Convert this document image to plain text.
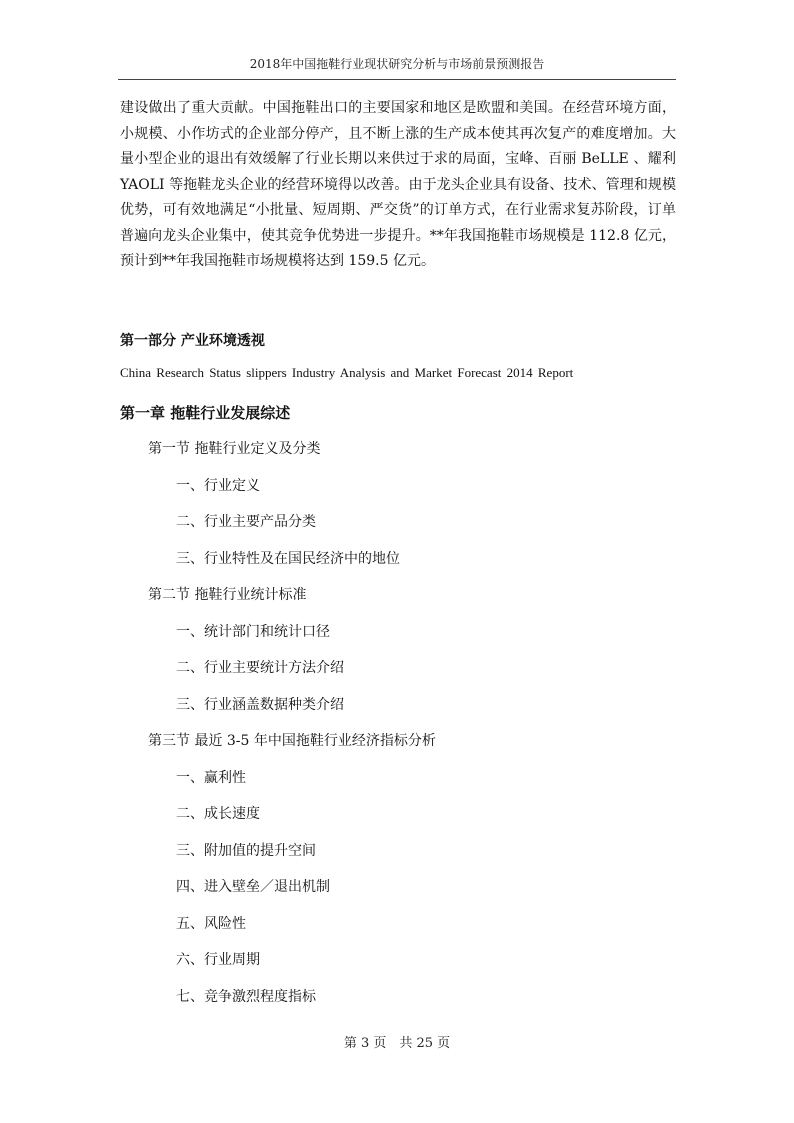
2018年中国拖鞋行业现状研究分析与市场前景预测报告

建设做出了重大贡献。中国拖鞋出口的主要国家和地区是欧盟和美国。在经营环境方面，小规模、小作坊式的企业部分停产，且不断上涨的生产成本使其再次复产的难度增加。大量小型企业的退出有效缓解了行业长期以来供过于求的局面，宝峰、百丽 BeLLE 、耀利 YAOLI 等拖鞋龙头企业的经营环境得以改善。由于龙头企业具有设备、技术、管理和规模优势，可有效地满足“小批量、短周期、严交货”的订单方式，在行业需求复苏阶段，订单普遍向龙头企业集中，使其竞争优势进一步提升。**年我国拖鞋市场规模是 112.8 亿元，预计到**年我国拖鞋市场规模将达到 159.5 亿元。

第一部分 产业环境透视
China Research Status slippers Industry Analysis and Market Forecast 2014 Report
第一章 拖鞋行业发展综述
第一节 拖鞋行业定义及分类
一、行业定义
二、行业主要产品分类
三、行业特性及在国民经济中的地位
第二节 拖鞋行业统计标准
一、统计部门和统计口径
二、行业主要统计方法介绍
三、行业涵盖数据种类介绍
第三节 最近 3-5 年中国拖鞋行业经济指标分析
一、赢利性
二、成长速度
三、附加值的提升空间
四、进入壁垒／退出机制
五、风险性
六、行业周期
七、竞争激烈程度指标
第 3 页　共 25 页
